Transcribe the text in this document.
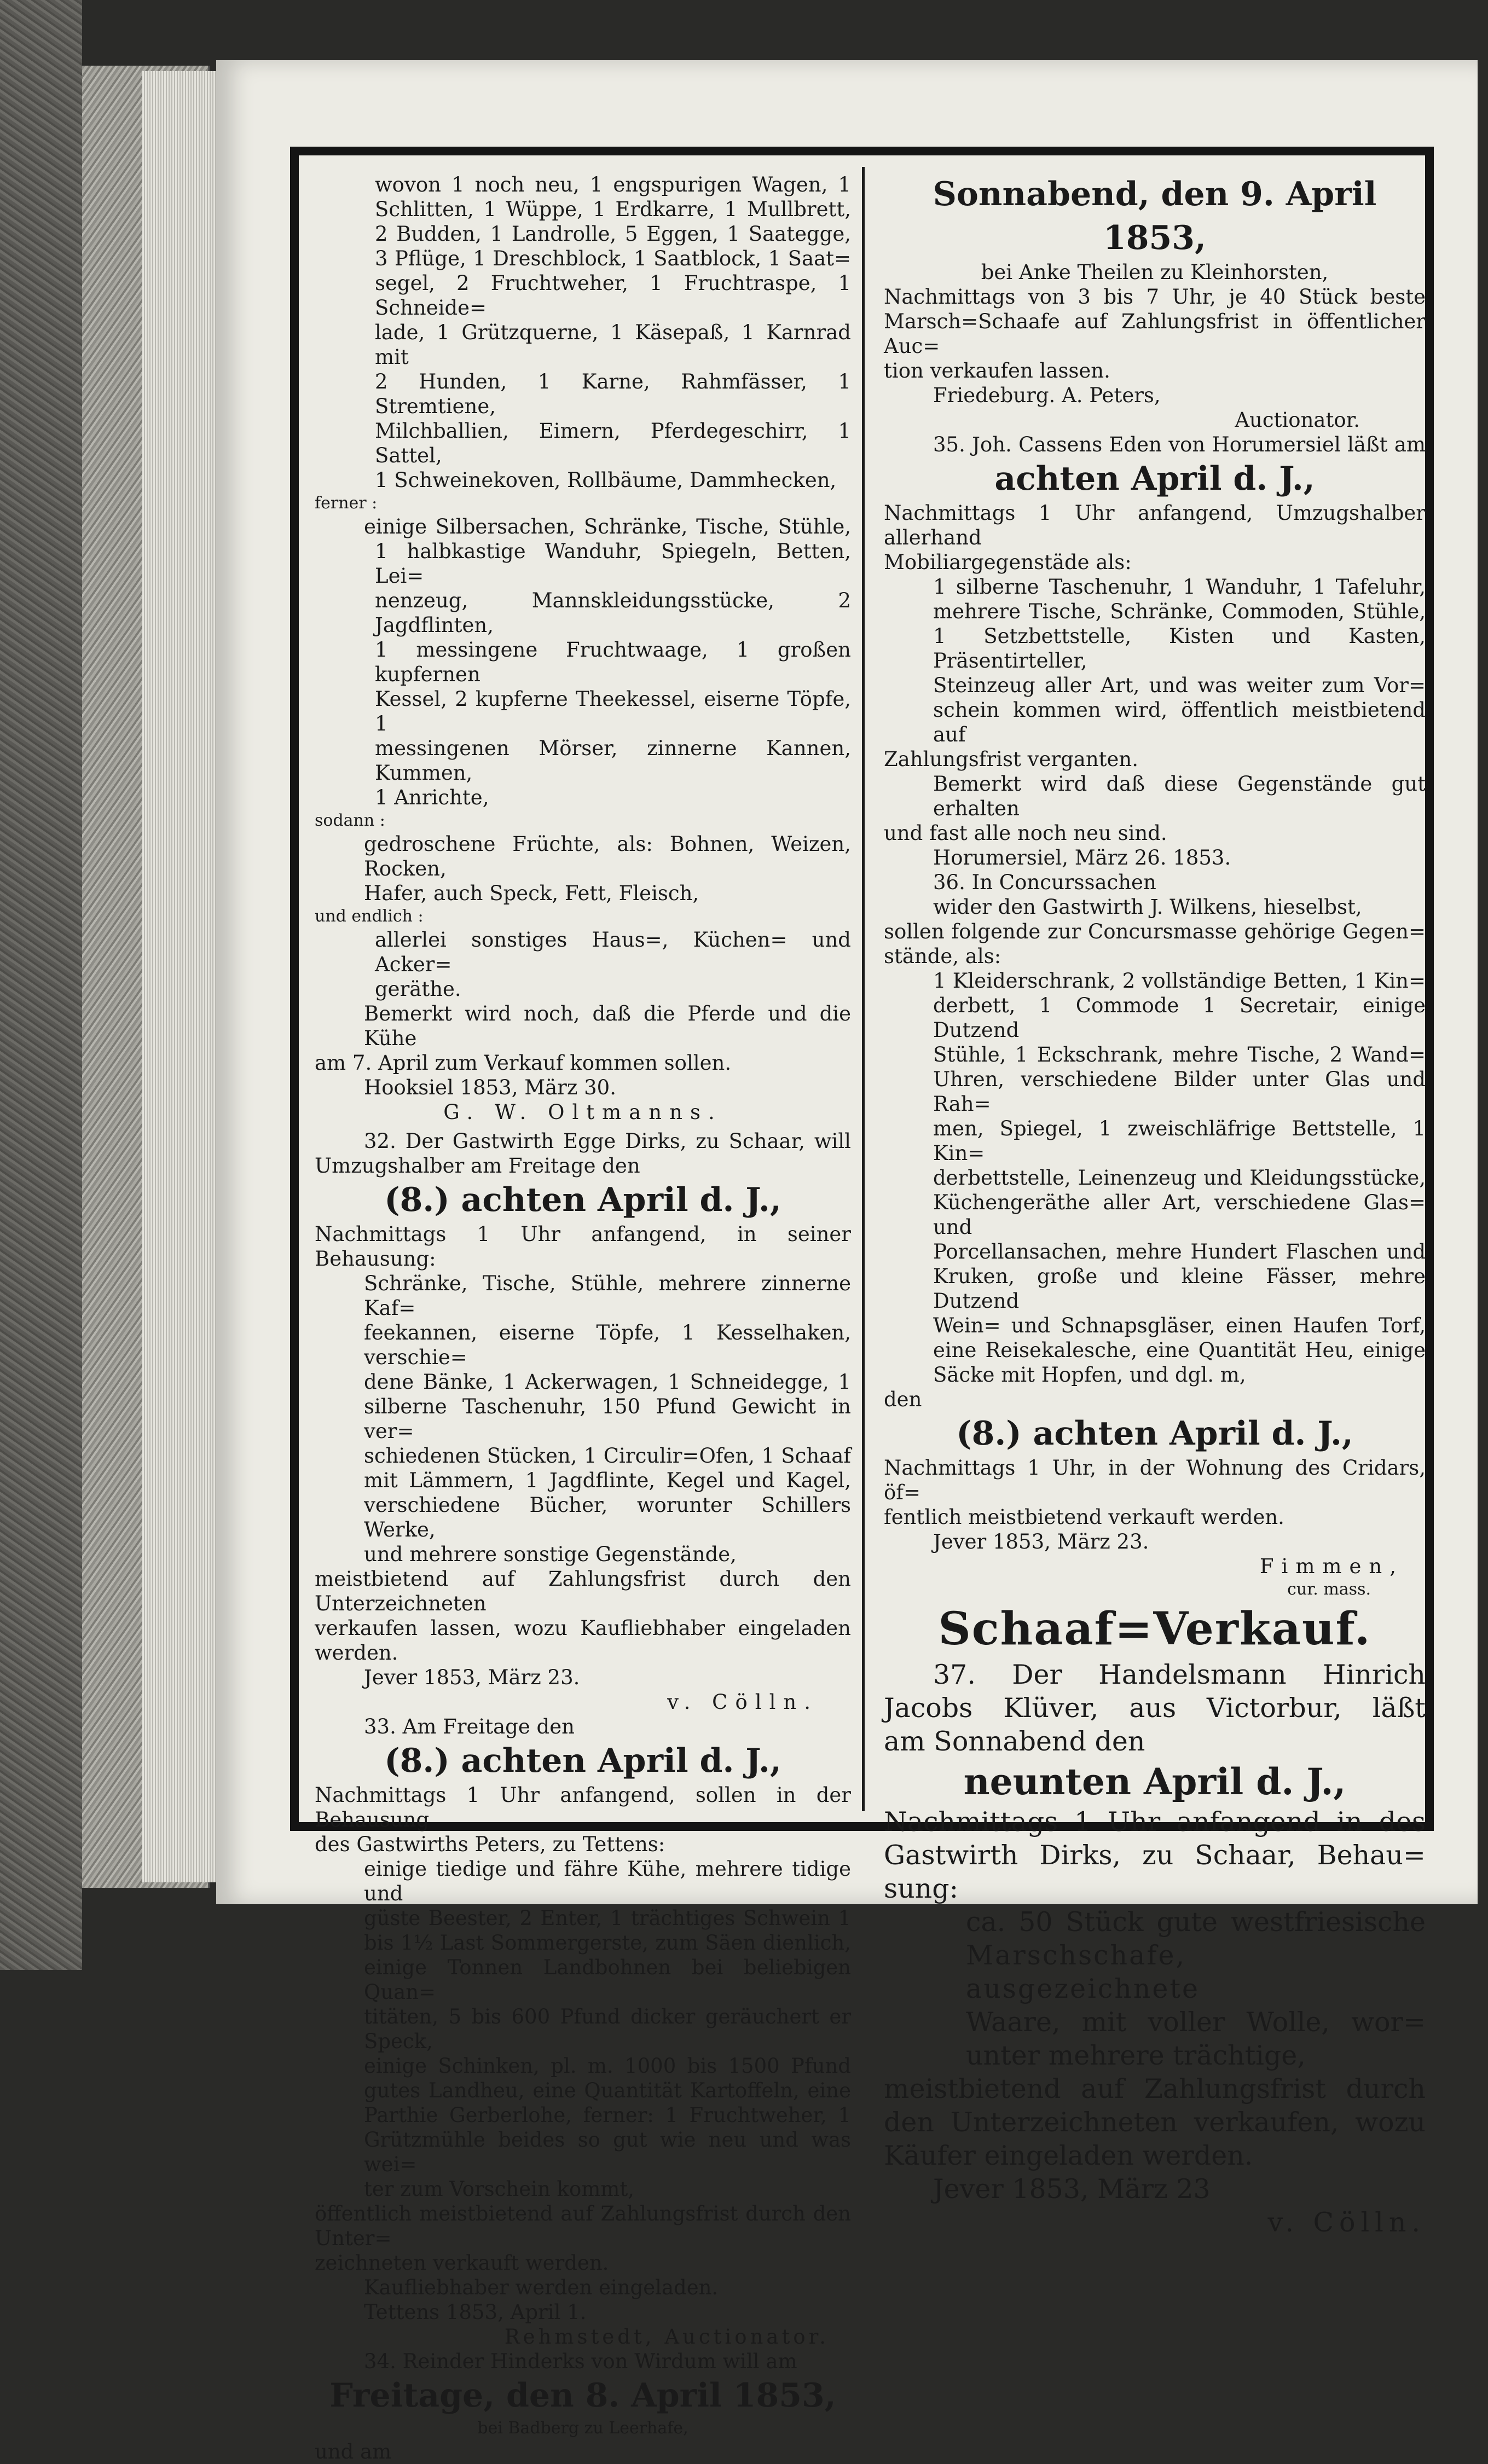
wovon 1 noch neu, 1 engspurigen Wagen, 1

Schlitten, 1 Wüppe, 1 Erdkarre, 1 Mullbrett,

2 Budden, 1 Landrolle, 5 Eggen, 1 Saategge,

3 Pflüge, 1 Dreschblock, 1 Saatblock, 1 Saat=

segel, 2 Fruchtweher, 1 Fruchtraspe, 1 Schneide=

lade, 1 Grützquerne, 1 Käsepaß, 1 Karnrad mit

2 Hunden, 1 Karne, Rahmfässer, 1 Stremtiene,

Milchballien, Eimern, Pferdegeschirr, 1 Sattel,

1 Schweinekoven, Rollbäume, Dammhecken,

ferner :

einige Silbersachen, Schränke, Tische, Stühle,

1 halbkastige Wanduhr, Spiegeln, Betten, Lei=

nenzeug, Mannskleidungsstücke, 2 Jagdflinten,

1 messingene Fruchtwaage, 1 großen kupfernen

Kessel, 2 kupferne Theekessel, eiserne Töpfe, 1

messingenen Mörser, zinnerne Kannen, Kummen,

1 Anrichte,

sodann :

gedroschene Früchte, als: Bohnen, Weizen, Rocken,

Hafer, auch Speck, Fett, Fleisch,

und endlich :

allerlei sonstiges Haus=, Küchen= und Acker=

geräthe.

Bemerkt wird noch, daß die Pferde und die Kühe

am 7. April zum Verkauf kommen sollen.

Hooksiel 1853, März 30.

G. W. Oltmanns.

32. Der Gastwirth Egge Dirks, zu Schaar, will

Umzugshalber am Freitage den

(8.) achten April d. J.,

Nachmittags 1 Uhr anfangend, in seiner Behausung:

Schränke, Tische, Stühle, mehrere zinnerne Kaf=

feekannen, eiserne Töpfe, 1 Kesselhaken, verschie=

dene Bänke, 1 Ackerwagen, 1 Schneidegge, 1

silberne Taschenuhr, 150 Pfund Gewicht in ver=

schiedenen Stücken, 1 Circulir=Ofen, 1 Schaaf

mit Lämmern, 1 Jagdflinte, Kegel und Kagel,

verschiedene Bücher, worunter Schillers Werke,

und mehrere sonstige Gegenstände,

meistbietend auf Zahlungsfrist durch den Unterzeichneten

verkaufen lassen, wozu Kaufliebhaber eingeladen werden.

Jever 1853, März 23.

v. Cölln.

33. Am Freitage den

(8.) achten April d. J.,

Nachmittags 1 Uhr anfangend, sollen in der Behausung

des Gastwirths Peters, zu Tettens:

einige tiedige und fähre Kühe, mehrere tidige und

güste Beester, 2 Enter, 1 trächtiges Schwein 1

bis 1½ Last Sommergerste, zum Säen dienlich,

einige Tonnen Landbohnen bei beliebigen Quan=

titäten, 5 bis 600 Pfund dicker geräuchert er Speck,

einige Schinken, pl. m. 1000 bis 1500 Pfund

gutes Landheu, eine Quantität Kartoffeln, eine

Parthie Gerberlohe, ferner: 1 Fruchtweher, 1

Grützmühle beides so gut wie neu und was wei=

ter zum Vorschein kommt,

öffentlich meistbietend auf Zahlungsfrist durch den Unter=

zeichneten verkauft werden.

Kaufliebhaber werden eingeladen.

Tettens 1853, April 1.

Rehmstedt, Auctionator.

34. Reinder Hinderks von Wirdum will am

Freitage, den 8. April 1853,

bei Badberg zu Leerhafe,

und am

Sonnabend, den 9. April 1853,

bei Anke Theilen zu Kleinhorsten,

Nachmittags von 3 bis 7 Uhr, je 40 Stück beste

Marsch=Schaafe auf Zahlungsfrist in öffentlicher Auc=

tion verkaufen lassen.

Friedeburg. A. Peters,

Auctionator.

35. Joh. Cassens Eden von Horumersiel läßt am

achten April d. J.,

Nachmittags 1 Uhr anfangend, Umzugshalber allerhand

Mobiliargegenstäde als:

1 silberne Taschenuhr, 1 Wanduhr, 1 Tafeluhr,

mehrere Tische, Schränke, Commoden, Stühle,

1 Setzbettstelle, Kisten und Kasten, Präsentirteller,

Steinzeug aller Art, und was weiter zum Vor=

schein kommen wird, öffentlich meistbietend auf

Zahlungsfrist verganten.

Bemerkt wird daß diese Gegenstände gut erhalten

und fast alle noch neu sind.

Horumersiel, März 26. 1853.

36. In Concurssachen

wider den Gastwirth J. Wilkens, hieselbst,

sollen folgende zur Concursmasse gehörige Gegen=

stände, als:

1 Kleiderschrank, 2 vollständige Betten, 1 Kin=

derbett, 1 Commode 1 Secretair, einige Dutzend

Stühle, 1 Eckschrank, mehre Tische, 2 Wand=

Uhren, verschiedene Bilder unter Glas und Rah=

men, Spiegel, 1 zweischläfrige Bettstelle, 1 Kin=

derbettstelle, Leinenzeug und Kleidungsstücke,

Küchengeräthe aller Art, verschiedene Glas= und

Porcellansachen, mehre Hundert Flaschen und

Kruken, große und kleine Fässer, mehre Dutzend

Wein= und Schnapsgläser, einen Haufen Torf,

eine Reisekalesche, eine Quantität Heu, einige

Säcke mit Hopfen, und dgl. m,

den

(8.) achten April d. J.,

Nachmittags 1 Uhr, in der Wohnung des Cridars, öf=

fentlich meistbietend verkauft werden.

Jever 1853, März 23.

Fimmen,

cur. mass.

Schaaf=Verkauf.

37. Der Handelsmann Hinrich

Jacobs Klüver, aus Victorbur, läßt

am Sonnabend den

neunten April d. J.,

Nachmittags 1 Uhr anfangend in des

Gastwirth Dirks, zu Schaar, Behau=

sung:

ca. 50 Stück gute westfriesische

Marschschafe, ausgezeichnete

Waare, mit voller Wolle, wor=

unter mehrere trächtige,

meistbietend auf Zahlungsfrist durch

den Unterzeichneten verkaufen, wozu

Käufer eingeladen werden.

Jever 1853, März 23

v. Cölln.
